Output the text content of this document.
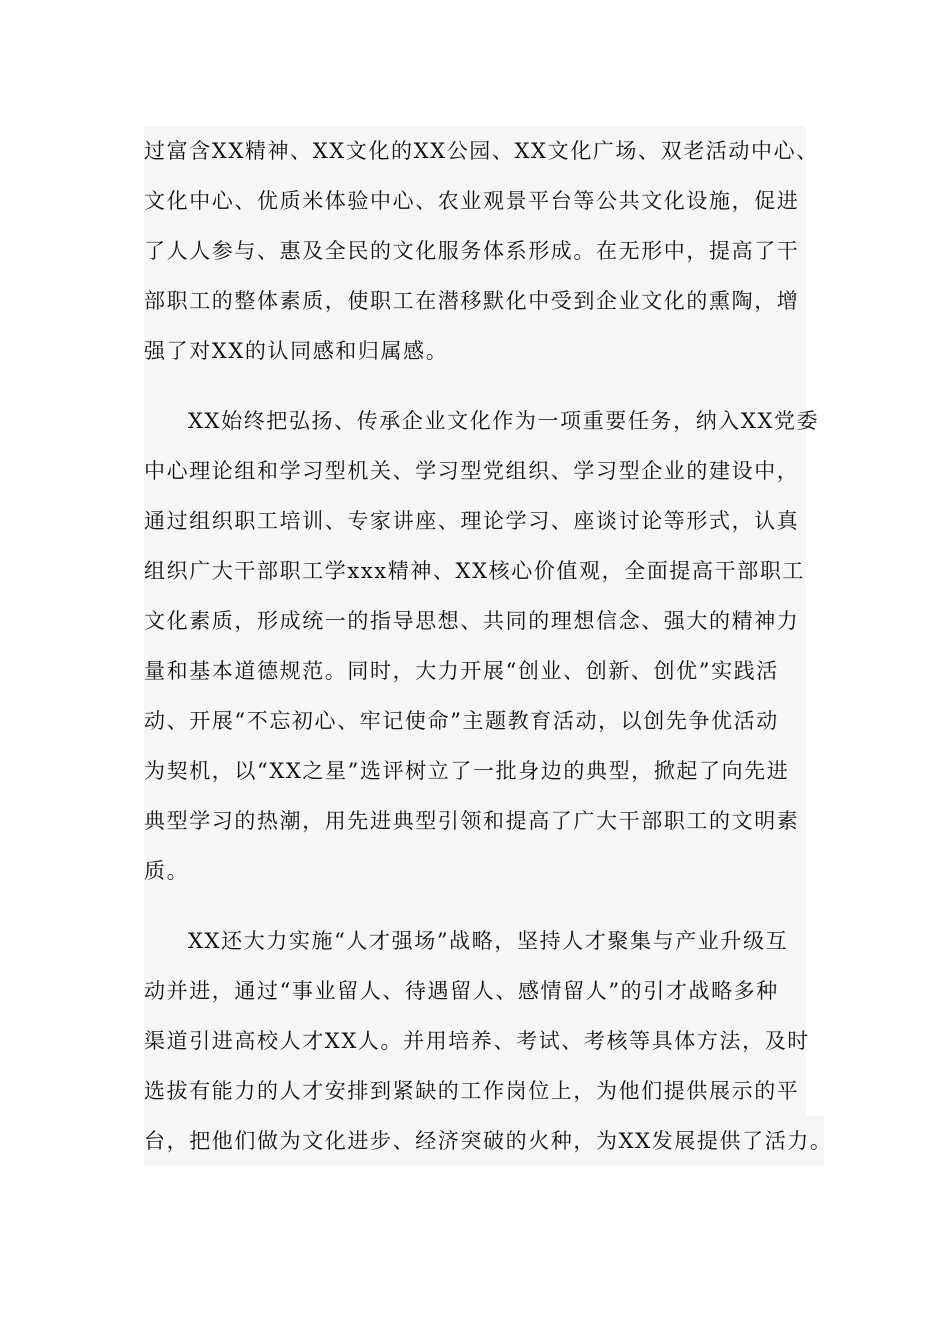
过富含XX精神、XX文化的XX公园、XX文化广场、双老活动中心、
文化中心、优质米体验中心、农业观景平台等公共文化设施，促进
了人人参与、惠及全民的文化服务体系形成。在无形中，提高了干
部职工的整体素质，使职工在潜移默化中受到企业文化的熏陶，增
强了对XX的认同感和归属感。
XX始终把弘扬、传承企业文化作为一项重要任务，纳入XX党委
中心理论组和学习型机关、学习型党组织、学习型企业的建设中，
通过组织职工培训、专家讲座、理论学习、座谈讨论等形式，认真
组织广大干部职工学xxx精神、XX核心价值观，全面提高干部职工
文化素质，形成统一的指导思想、共同的理想信念、强大的精神力
量和基本道德规范。同时，大力开展“创业、创新、创优”实践活
动、开展“不忘初心、牢记使命”主题教育活动，以创先争优活动
为契机，以“XX之星”选评树立了一批身边的典型，掀起了向先进
典型学习的热潮，用先进典型引领和提高了广大干部职工的文明素
质。
XX还大力实施“人才强场”战略，坚持人才聚集与产业升级互
动并进，通过“事业留人、待遇留人、感情留人”的引才战略多种
渠道引进高校人才XX人。并用培养、考试、考核等具体方法，及时
选拔有能力的人才安排到紧缺的工作岗位上，为他们提供展示的平
台，把他们做为文化进步、经济突破的火种，为XX发展提供了活力。
